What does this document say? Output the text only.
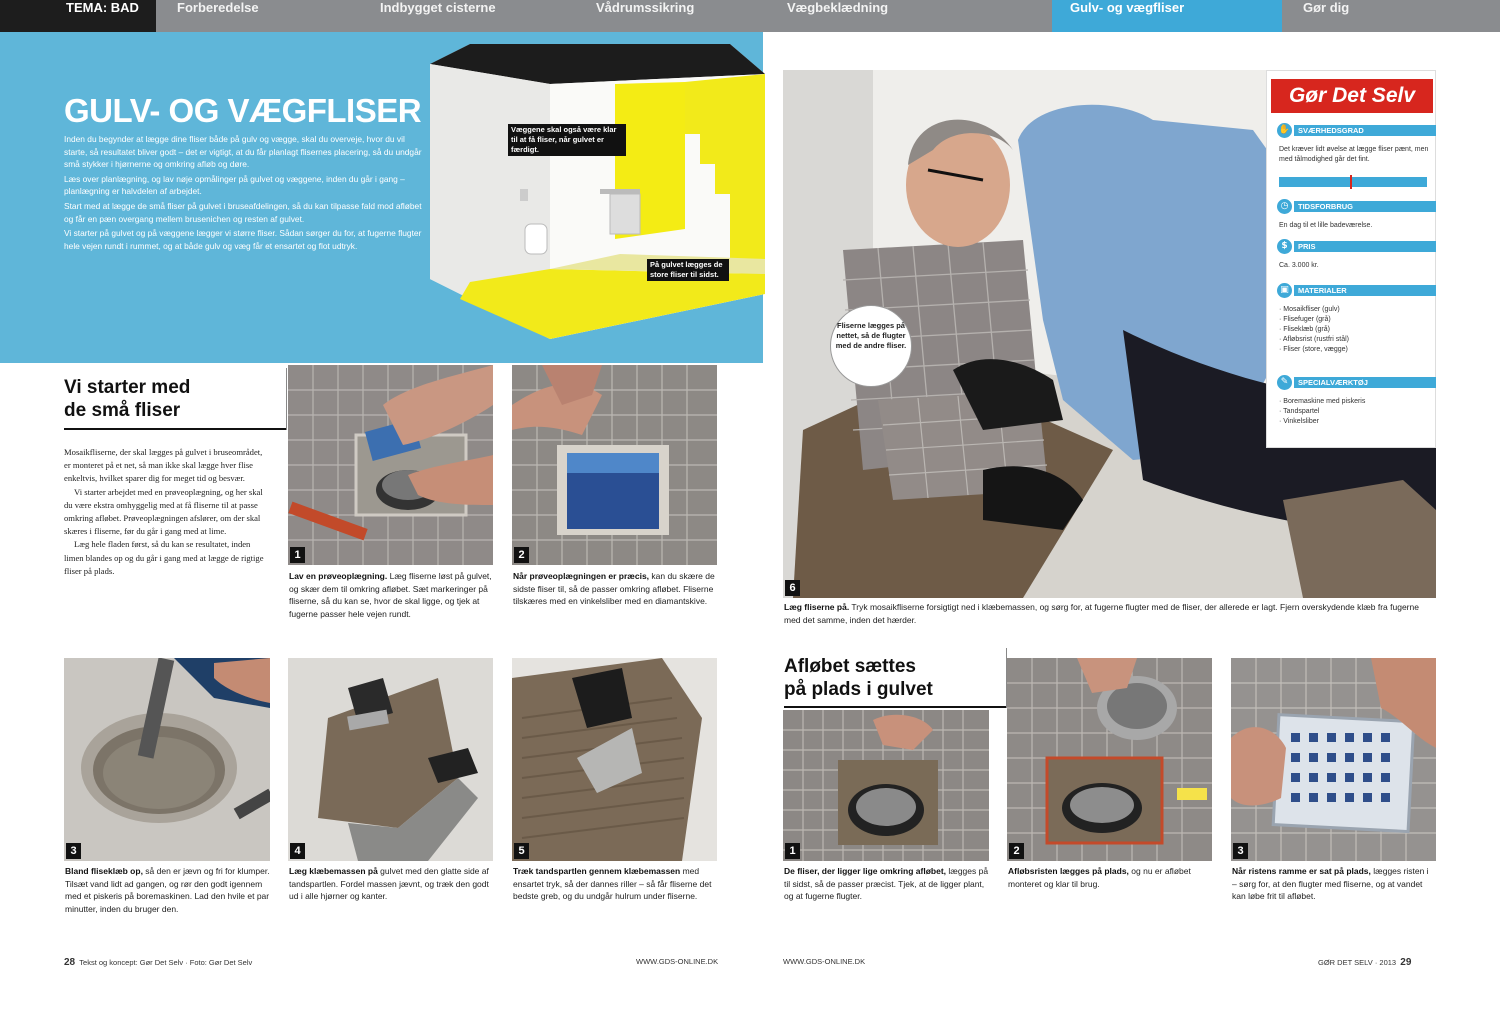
TEMA: BAD	Forberedelse	Indbygget cisterne	Vådrumssikring	Vægbeklædning	Gulv- og vægfliser	Gør dig
GULV- OG VÆGFLISER

Inden du begynder at lægge dine fliser både på gulv og vægge, skal du overveje, hvor du vil starte, så resultatet bliver godt – det er vigtigt, at du får planlagt flisernes placering, så du undgår små stykker i hjørnerne og omkring afløb og døre.

Læs over planlægning, og lav nøje opmålinger på gulvet og væggene, inden du går i gang – planlægning er halvdelen af arbejdet.

Start med at lægge de små fliser på gulvet i bruseafdelingen, så du kan tilpasse fald mod afløbet og får en pæn overgang mellem brusenichen og resten af gulvet.

Vi starter på gulvet og på væggene lægger vi større fliser. Sådan sørger du for, at fugerne flugter hele vejen rundt i rummet, og at både gulv og væg får et ensartet og flot udtryk.

Væggene skal også være klar til at få fliser, når gulvet er færdigt.
På gulvet lægges de store fliser til sidst.
Vi starter med
de små fliser

Mosaikfliserne, der skal lægges på gulvet i bruseområdet, er monteret på et net, så man ikke skal lægge hver flise enkeltvis, hvilket sparer dig for meget tid og besvær.

Vi starter arbejdet med en prøveoplægning, og her skal du være ekstra omhyggelig med at få fliserne til at passe omkring afløbet. Prøveoplægningen afslører, om der skal skæres i fliserne, før du går i gang med at lime.

Læg hele fladen først, så du kan se resultatet, inden limen blandes op og du går i gang med at lægge de rigtige fliser på plads.

1
Lav en prøveoplægning. Læg fliserne løst på gulvet, og skær dem til omkring afløbet. Sæt markeringer på fliserne, så du kan se, hvor de skal ligge, og tjek at fugerne passer hele vejen rundt.
2
Når prøveoplægningen er præcis, kan du skære de sidste fliser til, så de passer omkring afløbet. Fliserne tilskæres med en vinkelsliber med en diamantskive.
3
Bland fliseklæb op, så den er jævn og fri for klumper. Tilsæt vand lidt ad gangen, og rør den godt igennem med et piskeris på boremaskinen. Lad den hvile et par minutter, inden du bruger den.
4
Læg klæbemassen på gulvet med den glatte side af tandspartlen. Fordel massen jævnt, og træk den godt ud i alle hjørner og kanter.
5
Træk tandspartlen gennem klæbemassen med ensartet tryk, så der dannes riller – så får fliserne det bedste greb, og du undgår hulrum under fliserne.
6
Læg fliserne på. Tryk mosaikfliserne forsigtigt ned i klæbemassen, og sørg for, at fugerne flugter med de fliser, der allerede er lagt. Fjern overskydende klæb fra fugerne med det samme, inden det hærder.
Fliserne lægges på nettet, så de flugter med de andre fliser.
Gør Det Selv
✋	SVÆRHEDSGRAD
Det kræver lidt øvelse at lægge fliser pænt, men med tålmodighed går det fint.
◷	TIDSFORBRUG
En dag til et lille badeværelse.
$	PRIS
Ca. 3.000 kr.
▣	MATERIALER
· Mosaikfliser (gulv)
· Flisefuger (grå)
· Fliseklæb (grå)
· Afløbsrist (rustfri stål)
· Fliser (store, vægge)
✎	SPECIALVÆRKTØJ
· Boremaskine med piskeris
· Tandspartel
· Vinkelsliber
Afløbet sættes
på plads i gulvet
1
De fliser, der ligger lige omkring afløbet, lægges på til sidst, så de passer præcist. Tjek, at de ligger plant, og at fugerne flugter.
2
Afløbsristen lægges på plads, og nu er afløbet monteret og klar til brug.
3
Når ristens ramme er sat på plads, lægges risten i – sørg for, at den flugter med fliserne, og at vandet kan løbe frit til afløbet.
28 Tekst og koncept: Gør Det Selv · Foto: Gør Det Selv	WWW.GDS-ONLINE.DK	WWW.GDS-ONLINE.DK	GØR DET SELV · 2013 29
